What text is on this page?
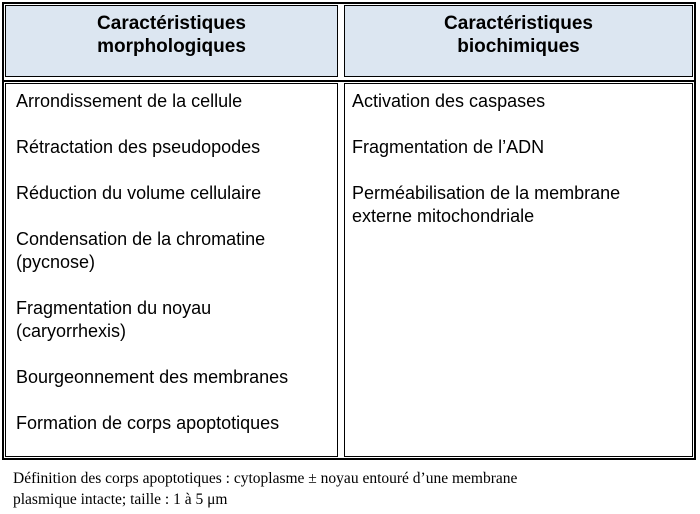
Caractéristiques
morphologiques
Caractéristiques
biochimiques
Arrondissement de la cellule
Rétractation des pseudopodes
Réduction du volume cellulaire
Condensation de la chromatine
(pycnose)
Fragmentation du noyau
(caryorrhexis)
Bourgeonnement des membranes
Formation de corps apoptotiques
Activation des caspases
Fragmentation de l’ADN
Perméabilisation de la membrane
externe mitochondriale
Définition des corps apoptotiques : cytoplasme ± noyau entouré d’une membrane
plasmique intacte; taille : 1 à 5 μm
